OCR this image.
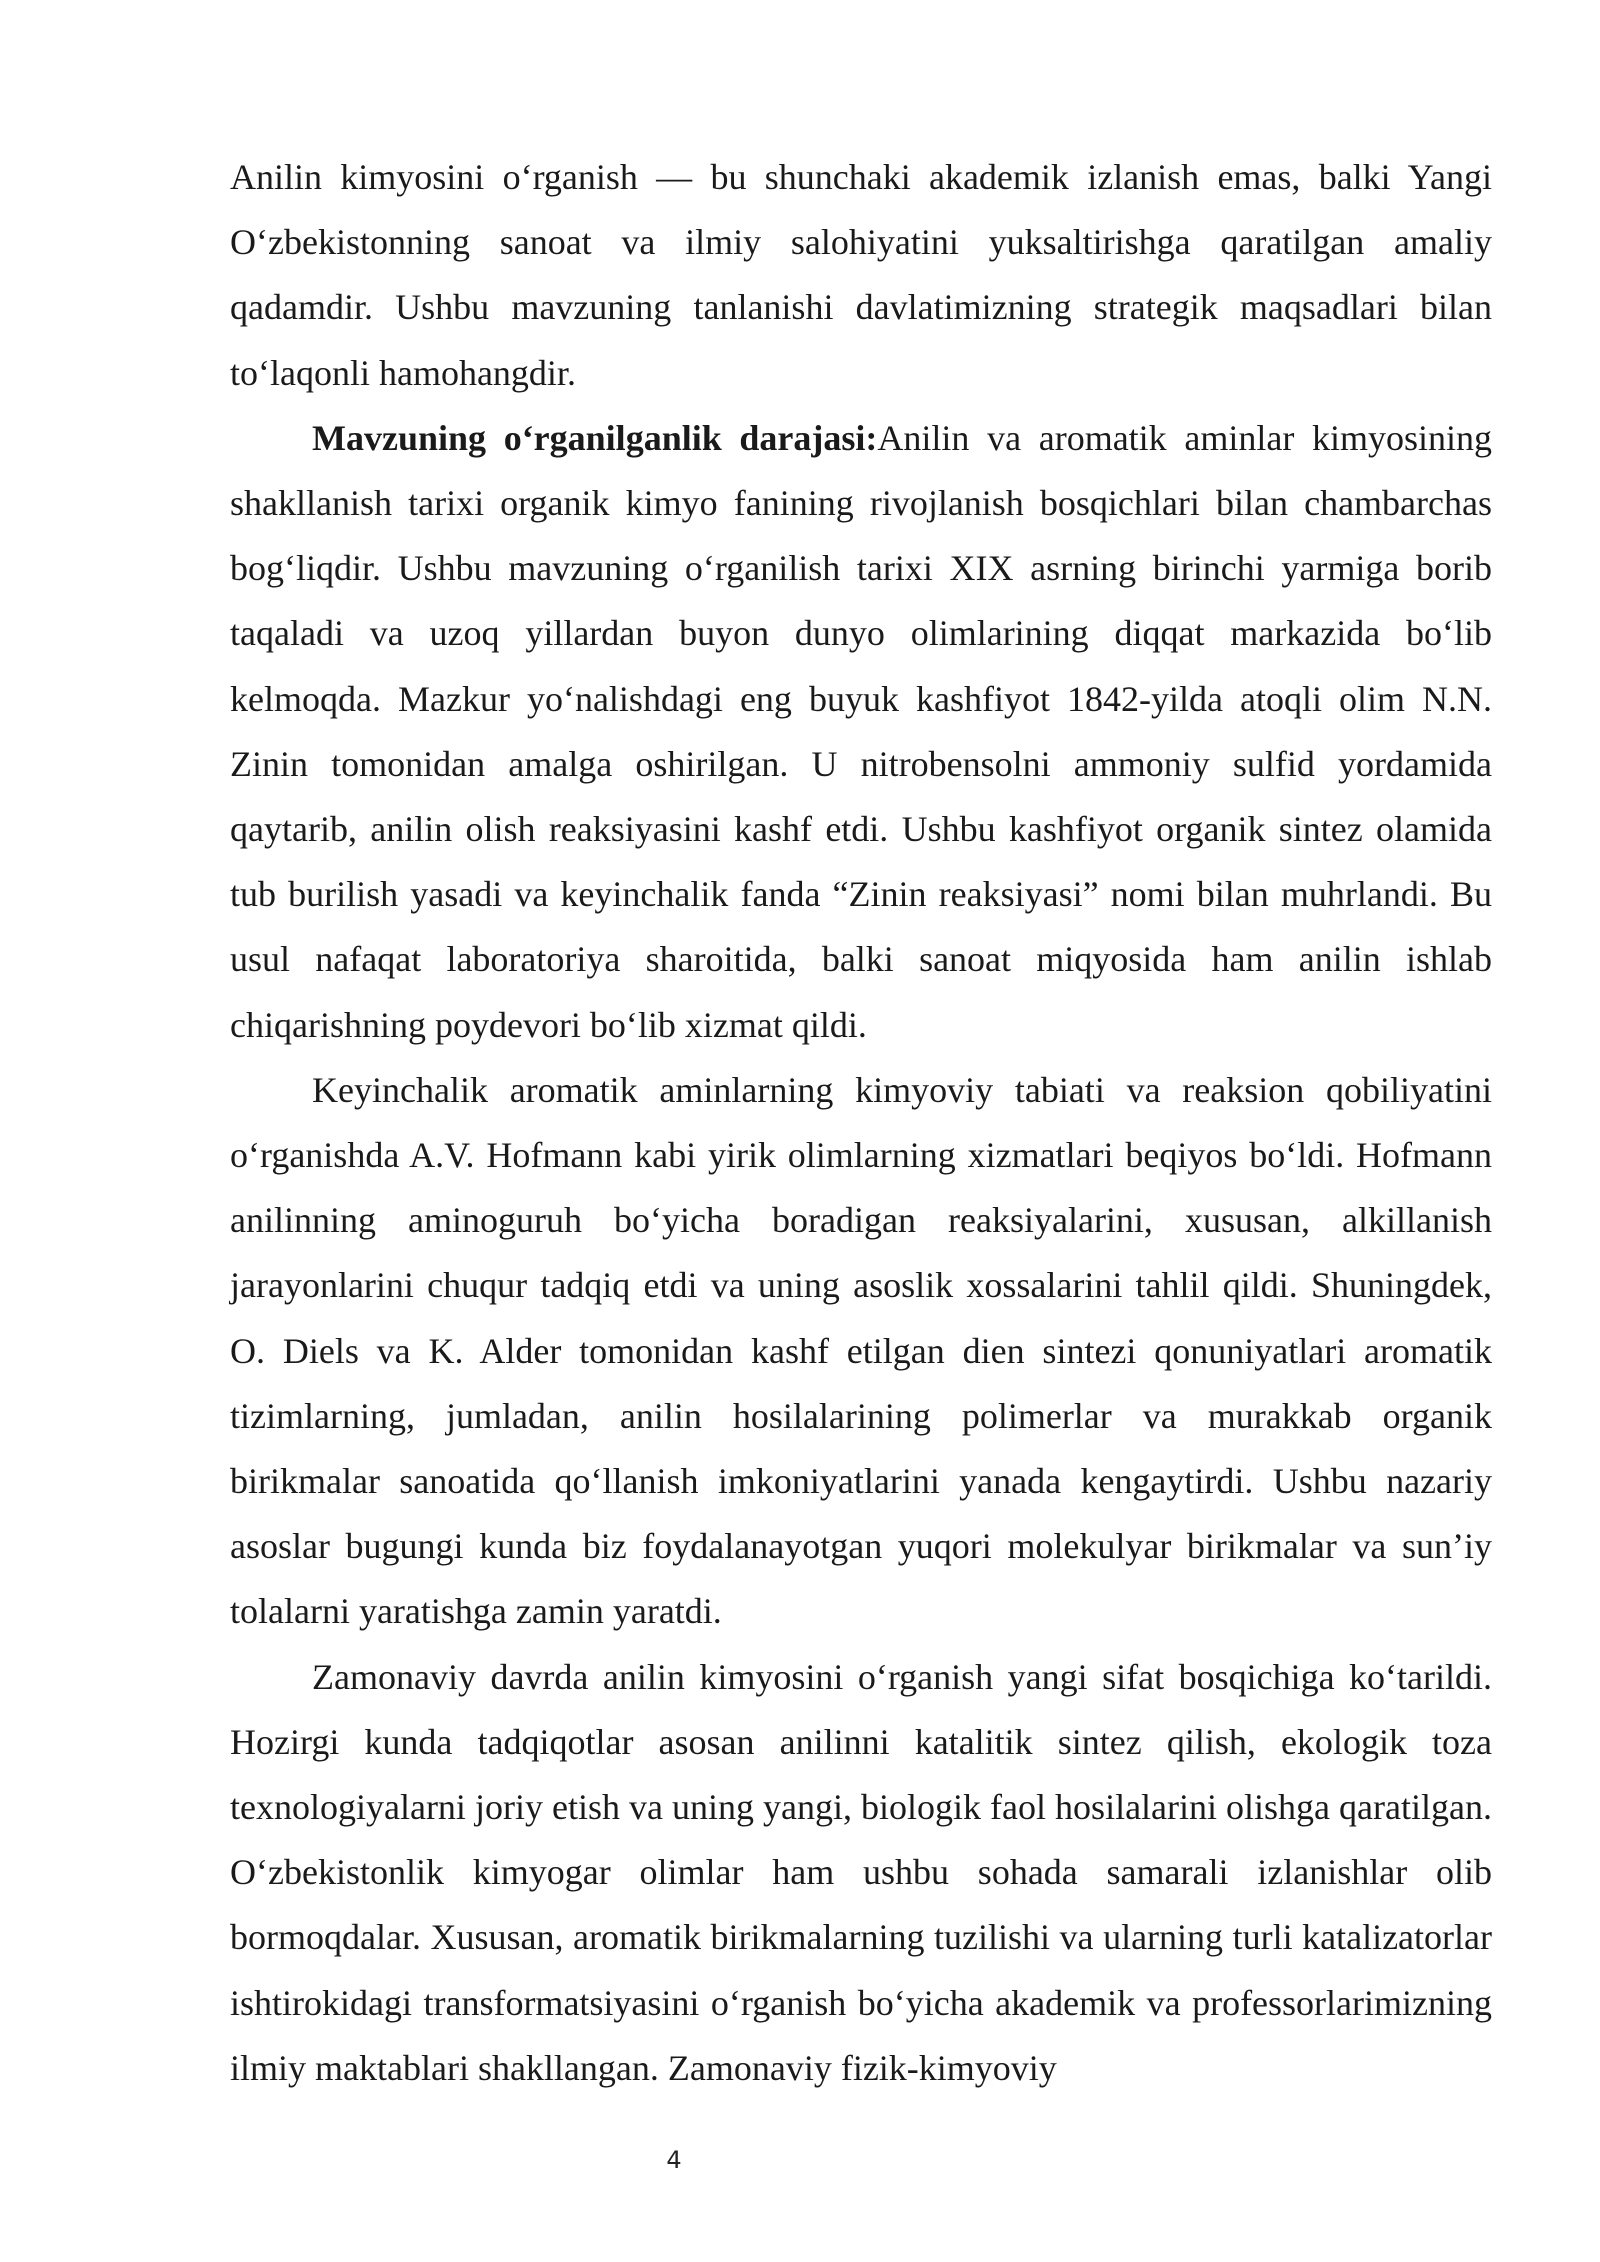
Anilin kimyosini o‘rganish — bu shunchaki akademik izlanish emas, balki Yangi O‘zbekistonning sanoat va ilmiy salohiyatini yuksaltirishga qaratilgan amaliy qadamdir. Ushbu mavzuning tanlanishi davlatimizning strategik maqsadlari bilan to‘laqonli hamohangdir.

Mavzuning o‘rganilganlik darajasi:Anilin va aromatik aminlar kimyosining shakllanish tarixi organik kimyo fanining rivojlanish bosqichlari bilan chambarchas bog‘liqdir. Ushbu mavzuning o‘rganilish tarixi XIX asrning birinchi yarmiga borib taqaladi va uzoq yillardan buyon dunyo olimlarining diqqat markazida bo‘lib kelmoqda. Mazkur yo‘nalishdagi eng buyuk kashfiyot 1842-yilda atoqli olim N.N. Zinin tomonidan amalga oshirilgan. U nitrobensolni ammoniy sulfid yordamida qaytarib, anilin olish reaksiyasini kashf etdi. Ushbu kashfiyot organik sintez olamida tub burilish yasadi va keyinchalik fanda “Zinin reaksiyasi” nomi bilan muhrlandi. Bu usul nafaqat laboratoriya sharoitida, balki sanoat miqyosida ham anilin ishlab chiqarishning poydevori bo‘lib xizmat qildi.

Keyinchalik aromatik aminlarning kimyoviy tabiati va reaksion qobiliyatini o‘rganishda A.V. Hofmann kabi yirik olimlarning xizmatlari beqiyos bo‘ldi. Hofmann anilinning aminoguruh bo‘yicha boradigan reaksiyalarini, xususan, alkillanish jarayonlarini chuqur tadqiq etdi va uning asoslik xossalarini tahlil qildi. Shuningdek, O. Diels va K. Alder tomonidan kashf etilgan dien sintezi qonuniyatlari aromatik tizimlarning, jumladan, anilin hosilalarining polimerlar va murakkab organik birikmalar sanoatida qo‘llanish imkoniyatlarini yanada kengaytirdi. Ushbu nazariy asoslar bugungi kunda biz foydalanayotgan yuqori molekulyar birikmalar va sun’iy tolalarni yaratishga zamin yaratdi.

Zamonaviy davrda anilin kimyosini o‘rganish yangi sifat bosqichiga ko‘tarildi. Hozirgi kunda tadqiqotlar asosan anilinni katalitik sintez qilish, ekologik toza texnologiyalarni joriy etish va uning yangi, biologik faol hosilalarini olishga qaratilgan. O‘zbekistonlik kimyogar olimlar ham ushbu sohada samarali izlanishlar olib bormoqdalar. Xususan, aromatik birikmalarning tuzilishi va ularning turli katalizatorlar ishtirokidagi transformatsiyasini o‘rganish bo‘yicha akademik va professorlarimizning ilmiy maktablari shakllangan. Zamonaviy fizik-kimyoviy

4
